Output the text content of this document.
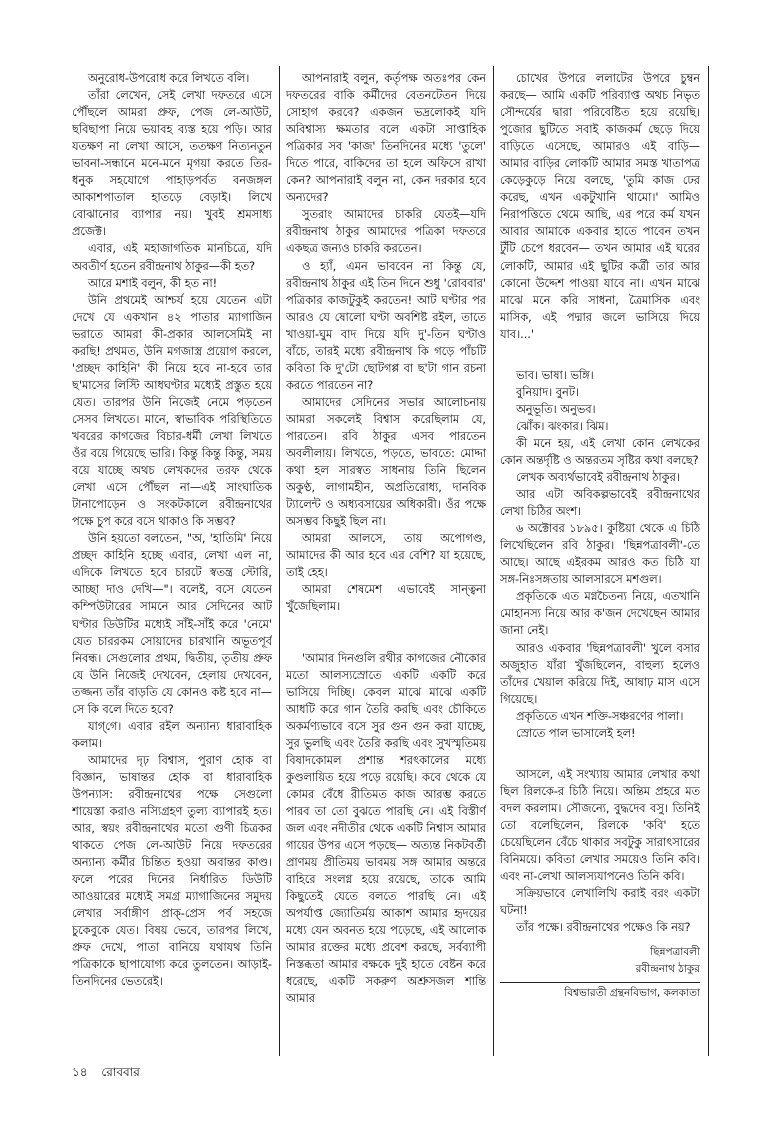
অনুরোধ-উপরোধ করে লিখতে বলি।

তাঁরা লেখেন, সেই লেখা দফতরে এসে পৌঁছলে আমরা প্রুফ, পেজ লে-আউট, ছবিছাপা নিয়ে ভয়াবহ ব্যস্ত হয়ে পড়ি। আর যতক্ষণ না লেখা আসে, ততক্ষণ নিত্যনতুন ভাবনা-সন্ধানে মনে-মনে মৃগয়া করতে তির-ধনুক সহযোগে পাহাড়পর্বত বনজঙ্গল আকাশপাতাল হাতড়ে বেড়াই। লিখে বোঝানোর ব্যাপার নয়। খুবই শ্রমসাধ্য প্রজেক্ট।

এবার, এই মহাজাগতিক মানচিত্রে, যদি অবতীর্ণ হতেন রবীন্দ্রনাথ ঠাকুর—কী হত?

আরে মশাই বলুন, কী হত না!

উনি প্রথমেই আশ্চর্য হয়ে যেতেন এটা দেখে যে একখান ৪২ পাতার ম্যাগাজিন ভরাতে আমরা কী-প্রকার আলসেমিই না করছি! প্রথমত, উনি মগজাস্ত্র প্রয়োগ করলে, 'প্রচ্ছদ কাহিনি' কী নিয়ে হবে না-হবে তার ছ'মাসের লিস্টি আধঘণ্টার মধ্যেই প্রস্তুত হয়ে যেত। তারপর উনি নিজেই নেমে পড়তেন সেসব লিখতে। মানে, স্বাভাবিক পরিস্থিতিতে খবরের কাগজের বিচার-ধর্মী লেখা লিখতে ওঁর বয়ে গিয়েছে ভারি। কিন্তু কিন্তু কিন্তু, সময় বয়ে যাচ্ছে অথচ লেখকদের তরফ থেকে লেখা এসে পৌঁছল না—এই সাংঘাতিক টানাপোড়েন ও সংকটকালে রবীন্দ্রনাথের পক্ষে চুপ করে বসে থাকাও কি সম্ভব?

উনি হয়তো বলতেন, "অ, 'হাতিমি' নিয়ে প্রচ্ছদ কাহিনি হচ্ছে এবার, লেখা এল না, এদিকে লিখতে হবে চারটে স্বতন্ত্র স্টোরি, আচ্ছা দাও দেখি—"। বলেই, বসে যেতেন কম্পিউটারের সামনে আর সেদিনের আট ঘণ্টার ডিউটির মধ্যেই সাঁই-সাঁই করে 'নেমে' যেত চাররকম সোয়াদের চারখানি অভূতপূর্ব নিবন্ধ। সেগুলোর প্রথম, দ্বিতীয়, তৃতীয় প্রুফ যে উনি নিজেই দেখবেন, হেলায় দেখবেন, তজ্জন্য তাঁর বাড়তি যে কোনও কষ্ট হবে না—সে কি বলে দিতে হবে?

যাগ্‌গে। এবার রইল অন্যান্য ধারাবাহিক কলাম।

আমাদের দৃঢ় বিশ্বাস, পুরাণ হোক বা বিজ্ঞান, ভাষান্তর হোক বা ধারাবাহিক উপন্যাস: রবীন্দ্রনাথের পক্ষে সেগুলো শায়েস্তা করাও নস্যিগ্রহণ তুল্য ব্যাপারই হত। আর, স্বয়ং রবীন্দ্রনাথের মতো গুণী চিত্রকর থাকতে পেজ লে-আউট নিয়ে দফতরের অন্যান্য কর্মীর চিন্তিত হওয়া অবান্তর কাণ্ড। ফলে পরের দিনের নির্ধারিত ডিউটি আওয়ারের মধ্যেই সমগ্র ম্যাগাজিনের সমুদয় লেখার সর্বাঙ্গীণ প্রাক্-প্রেস পর্ব সহজে চুকেবুকে যেত। বিষয় ভেবে, তারপর লিখে, প্রুফ দেখে, পাতা বানিয়ে যথাযথ তিনি পত্রিকাকে ছাপাযোগ্য করে তুলতেন। আড়াই-তিনদিনের ভেতরেই।

আপনারাই বলুন, কর্তৃপক্ষ অতঃপর কেন দফতরের বাকি কর্মীদের বেতনটেতন দিয়ে সোহাগ করবে? একজন ভদ্রলোকই যদি অবিশ্বাস্য ক্ষমতার বলে একটা সাপ্তাহিক পত্রিকার সব 'কাজ' তিনদিনের মধ্যে 'তুলে' দিতে পারে, বাকিদের তা হলে অফিসে রাখা কেন? আপনারাই বলুন না, কেন দরকার হবে অন্যদের?

সুতরাং আমাদের চাকরি যেতই—যদি রবীন্দ্রনাথ ঠাকুর আমাদের পত্রিকা দফতরে একছত্র জন্যও চাকরি করতেন।

ও হ্যাঁ, এমন ভাববেন না কিন্তু যে, রবীন্দ্রনাথ ঠাকুর এই তিন দিনে শুধু 'রোববার' পত্রিকার কাজটুকুই করতেন! আট ঘণ্টার পর আরও যে ষোলো ঘণ্টা অবশিষ্ট রইল, তাতে খাওয়া-ঘুম বাদ দিয়ে যদি দু'-তিন ঘণ্টাও বাঁচে, তারই মধ্যে রবীন্দ্রনাথ কি গড়ে পাঁচটি কবিতা কি দু'টো ছোটগপ্প বা ছ'টা গান রচনা করতে পারতেন না?

আমাদের সেদিনের সভার আলোচনায় আমরা সকলেই বিশ্বাস করেছিলাম যে, পারতেন। রবি ঠাকুর এসব পারতেন অবলীলায়। লিখতে, পড়তে, ভাবতে: মোদ্দা কথা হল সারস্বত সাধনায় তিনি ছিলেন অকুণ্ঠ, লাগামহীন, অপ্রতিরোধ্য, দানবিক ট্যালেন্ট ও অধ্যবসায়ের অধিকারী। ওঁর পক্ষে অসম্ভব কিছুই ছিল না।

আমরা আলসে, তায় অপোগণ্ড, আমাদের কী আর হবে এর বেশি? যা হয়েছে, তাই হেহ।

আমরা শেষমেশ এভাবেই সান্ত্বনা খুঁজেছিলাম।

'আমার দিনগুলি রথীর কাগজের নৌকোর মতো আলস্যস্রোতে একটি একটি করে ভাসিয়ে দিচ্ছি। কেবল মাঝে মাঝে একটি আধটি করে গান তৈরি করছি এবং চৌকিতে অকর্মণ্যভাবে বসে সুর গুন গুন করা যাচ্ছে, সুর ভুলছি এবং তৈরি করছি এবং সুখস্মৃতিময় বিষাদকোমল প্রশান্ত শরৎকালের মধ্যে কুণ্ডলায়িত হয়ে পড়ে রয়েছি। কবে থেকে যে কোমর বেঁধে রীতিমত কাজ আরম্ভ করতে পারব তা তো বুঝতে পারছি নে। এই বিস্তীর্ণ জল এবং নদীতীর থেকে একটি নিশ্বাস আমার গায়ের উপর এসে পড়ছে— অত্যন্ত নিকটবর্তী প্রাণময় প্রীতিময় ভাবময় সঙ্গ আমার অন্তরে বাহিরে সংলগ্ন হয়ে রয়েছে, তাকে আমি কিছুতেই যেতে বলতে পারছি নে। এই অপর্যাপ্ত জ্যোতির্ময় আকাশ আমার হৃদয়ের মধ্যে যেন অবনত হয়ে পড়েছে, এই আলোক আমার রক্তের মধ্যে প্রবেশ করছে, সর্বব্যাপী নিস্তব্ধতা আমার বক্ষকে দুই হাতে বেষ্টন করে ধরেছে, একটি সকরুণ অশ্রুসজল শান্তি আমার

চোখের উপরে ললাটের উপরে চুম্বন করছে— আমি একটি পরিব্যাপ্ত অথচ নিভৃত সৌন্দর্যের দ্বারা পরিবেষ্টিত হয়ে রয়েছি। পুজোর ছুটিতে সবাই কাজকর্ম ছেড়ে দিয়ে বাড়িতে এসেছে, আমারও এই বাড়ি— আমার বাড়ির লোকটি আমার সমস্ত খাতাপত্র কেড়েকুড়ে নিয়ে বলছে, 'তুমি কাজ ঢের করেছ, এখন একটুখানি থামো।' আমিও নিরাপত্তিতে থেমে আছি, এর পরে কর্ম যখন আবার আমাকে একবার হাতে পাবেন তখন টুঁটি চেপে ধরবেন— তখন আমার এই ঘরের লোকটি, আমার এই ছুটির কর্ত্রী তার আর কোনো উদ্দেশ পাওয়া যাবে না। এখন মাঝে মাঝে মনে করি সাধনা, ত্রৈমাসিক এবং মাসিক, এই পদ্মার জলে ভাসিয়ে দিয়ে যাব।...'

ভাব। ভাষা। ভঙ্গি।

বুনিয়াদ। বুনট।

অনুভূতি। অনুভব।

ঝোঁক। ঝংকার। ঝিম।

কী মনে হয়, এই লেখা কোন লেখকের কোন অন্তর্দৃষ্টি ও অন্তরতম সৃষ্টির কথা বলছে?

লেখক অব্যর্থভাবেই রবীন্দ্রনাথ ঠাকুর।

আর এটা অবিকল্পভাবেই রবীন্দ্রনাথের লেখা চিঠির অংশ।

৬ অক্টোবর ১৮৯৫। কুষ্টিয়া থেকে এ চিঠি লিখেছিলেন রবি ঠাকুর। 'ছিন্নপত্রাবলী'-তে আছে। আছে এইরকম আরও কত চিঠি যা সঙ্গ-নিঃসঙ্গতায় আলসারসে মশগুল।

প্রকৃতিকে এত মগ্নচৈতন্য নিয়ে, এতখানি মোহানস্য নিয়ে আর ক'জন দেখেছেন আমার জানা নেই।

আরও একবার 'ছিন্নপত্রাবলী' খুলে বসার অজুহাত যাঁরা খুঁজছিলেন, বাহুল্য হলেও তাঁদের খেয়াল করিয়ে দিই, আষাঢ় মাস এসে গিয়েছে।

প্রকৃতিতে এখন শক্তি-সঞ্চরণের পালা।

স্রোতে পাল ভাসালেই হল!

আসলে, এই সংখ্যায় আমার লেখার কথা ছিল রিলকে-র চিঠি নিয়ে। অন্তিম প্রহরে মত বদল করলাম। সৌজন্যে, বুদ্ধদেব বসু। তিনিই তো বলেছিলেন, রিলকে 'কবি' হতে চেয়েছিলেন বেঁচে থাকার সবটুকু সারাৎসারের বিনিময়ে। কবিতা লেখার সময়েও তিনি কবি। এবং না-লেখা আলস্যযাপনেও তিনি কবি।

সক্রিয়ভাবে লেখালিখি করাই বরং একটা ঘটনা!

তাঁর পক্ষে। রবীন্দ্রনাথের পক্ষেও কি নয়?

ছিন্নপত্রাবলী
রবীন্দ্রনাথ ঠাকুর
বিশ্বভারতী গ্রন্থনবিভাগ, কলকাতা
১৪ রোববার
